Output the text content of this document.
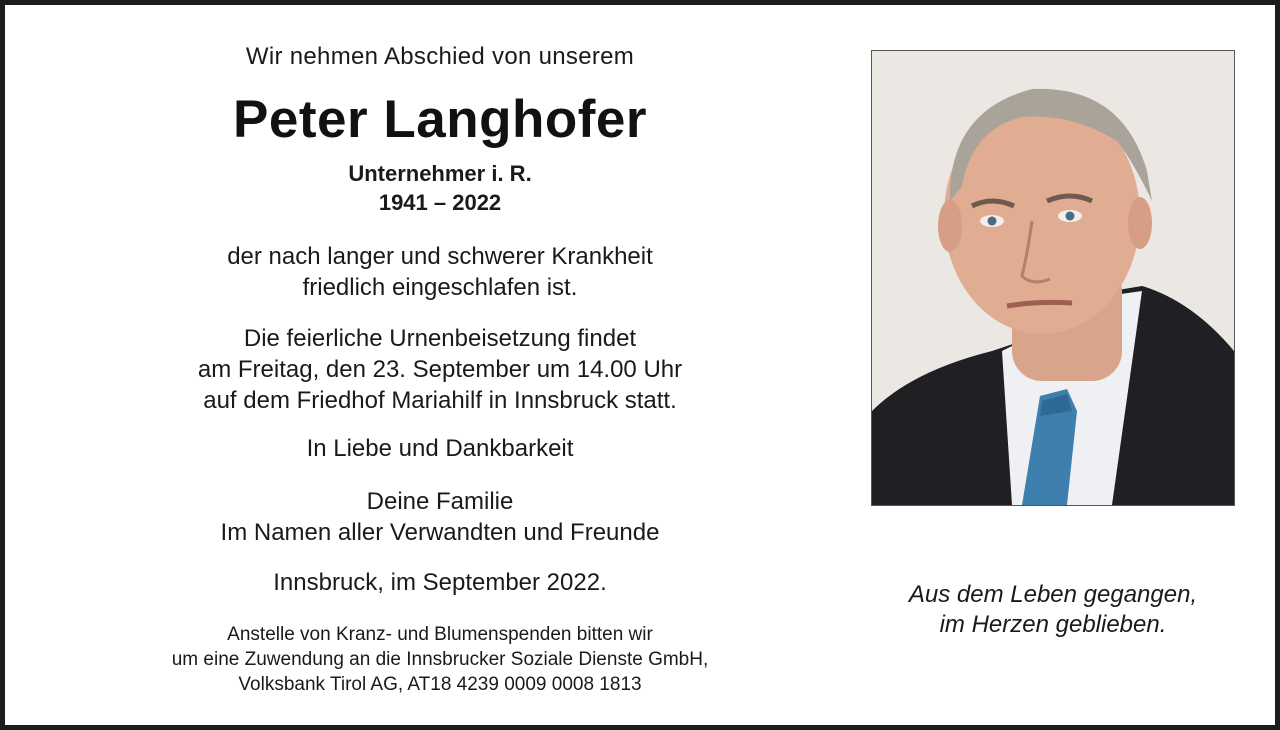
Wir nehmen Abschied von unserem
Peter Langhofer
Unternehmer i. R.
1941 – 2022
der nach langer und schwerer Krankheit
friedlich eingeschlafen ist.
Die feierliche Urnenbeisetzung findet
am Freitag, den 23. September um 14.00 Uhr
auf dem Friedhof Mariahilf in Innsbruck statt.
In Liebe und Dankbarkeit
Deine Familie
Im Namen aller Verwandten und Freunde
Innsbruck, im September 2022.
Anstelle von Kranz- und Blumenspenden bitten wir
um eine Zuwendung an die Innsbrucker Soziale Dienste GmbH,
Volksbank Tirol AG, AT18 4239 0009 0008 1813
Aus dem Leben gegangen,
im Herzen geblieben.
